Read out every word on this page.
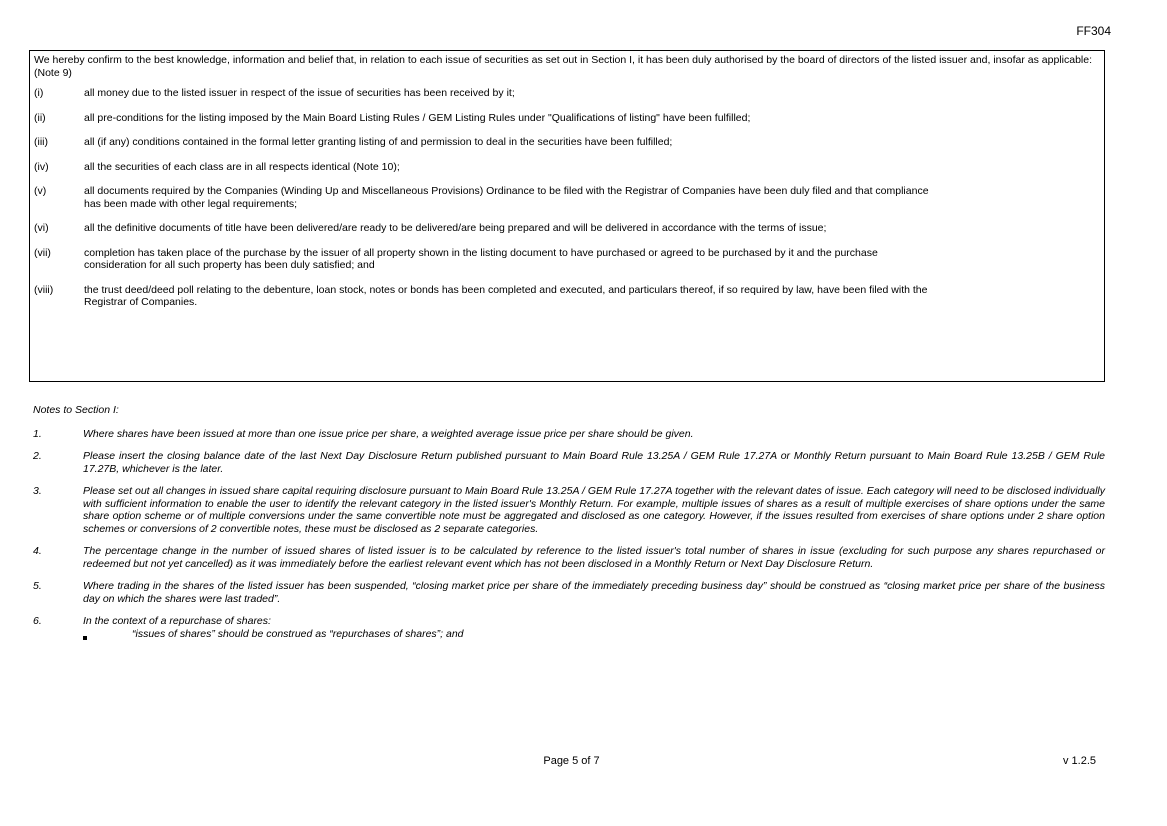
FF304

We hereby confirm to the best knowledge, information and belief that, in relation to each issue of securities as set out in Section I, it has been duly authorised by the board of directors of the listed issuer and, insofar as applicable:

(Note 9)
(i)	all money due to the listed issuer in respect of the issue of securities has been received by it;
(ii)	all pre-conditions for the listing imposed by the Main Board Listing Rules / GEM Listing Rules under "Qualifications of listing" have been fulfilled;
(iii)	all (if any) conditions contained in the formal letter granting listing of and permission to deal in the securities have been fulfilled;
(iv)	all the securities of each class are in all respects identical (Note 10);
(v)	all documents required by the Companies (Winding Up and Miscellaneous Provisions) Ordinance to be filed with the Registrar of Companies have been duly filed and that compliance
has been made with other legal requirements;
(vi)	all the definitive documents of title have been delivered/are ready to be delivered/are being prepared and will be delivered in accordance with the terms of issue;
(vii)	completion has taken place of the purchase by the issuer of all property shown in the listing document to have purchased or agreed to be purchased by it and the purchase
consideration for all such property has been duly satisfied; and
(viii)	the trust deed/deed poll relating to the debenture, loan stock, notes or bonds has been completed and executed, and particulars thereof, if so required by law, have been filed with the
Registrar of Companies.

Notes to Section I:

1.	Where shares have been issued at more than one issue price per share, a weighted average issue price per share should be given.
2.	Please insert the closing balance date of the last Next Day Disclosure Return published pursuant to Main Board Rule 13.25A / GEM Rule 17.27A or Monthly Return pursuant to Main Board Rule 13.25B / GEM Rule 17.27B, whichever is the later.
3.	Please set out all changes in issued share capital requiring disclosure pursuant to Main Board Rule 13.25A / GEM Rule 17.27A together with the relevant dates of issue. Each category will need to be disclosed individually with sufficient information to enable the user to identify the relevant category in the listed issuer's Monthly Return. For example, multiple issues of shares as a result of multiple exercises of share options under the same share option scheme or of multiple conversions under the same convertible note must be aggregated and disclosed as one category. However, if the issues resulted from exercises of share options under 2 share option schemes or conversions of 2 convertible notes, these must be disclosed as 2 separate categories.
4.	The percentage change in the number of issued shares of listed issuer is to be calculated by reference to the listed issuer's total number of shares in issue (excluding for such purpose any shares repurchased or redeemed but not yet cancelled) as it was immediately before the earliest relevant event which has not been disclosed in a Monthly Return or Next Day Disclosure Return.
5.	Where trading in the shares of the listed issuer has been suspended, “closing market price per share of the immediately preceding business day” should be construed as “closing market price per share of the business day on which the shares were last traded”.
6.	In the context of a repurchase of shares:
“issues of shares” should be construed as “repurchases of shares”; and
Page 5 of 7	v 1.2.5
